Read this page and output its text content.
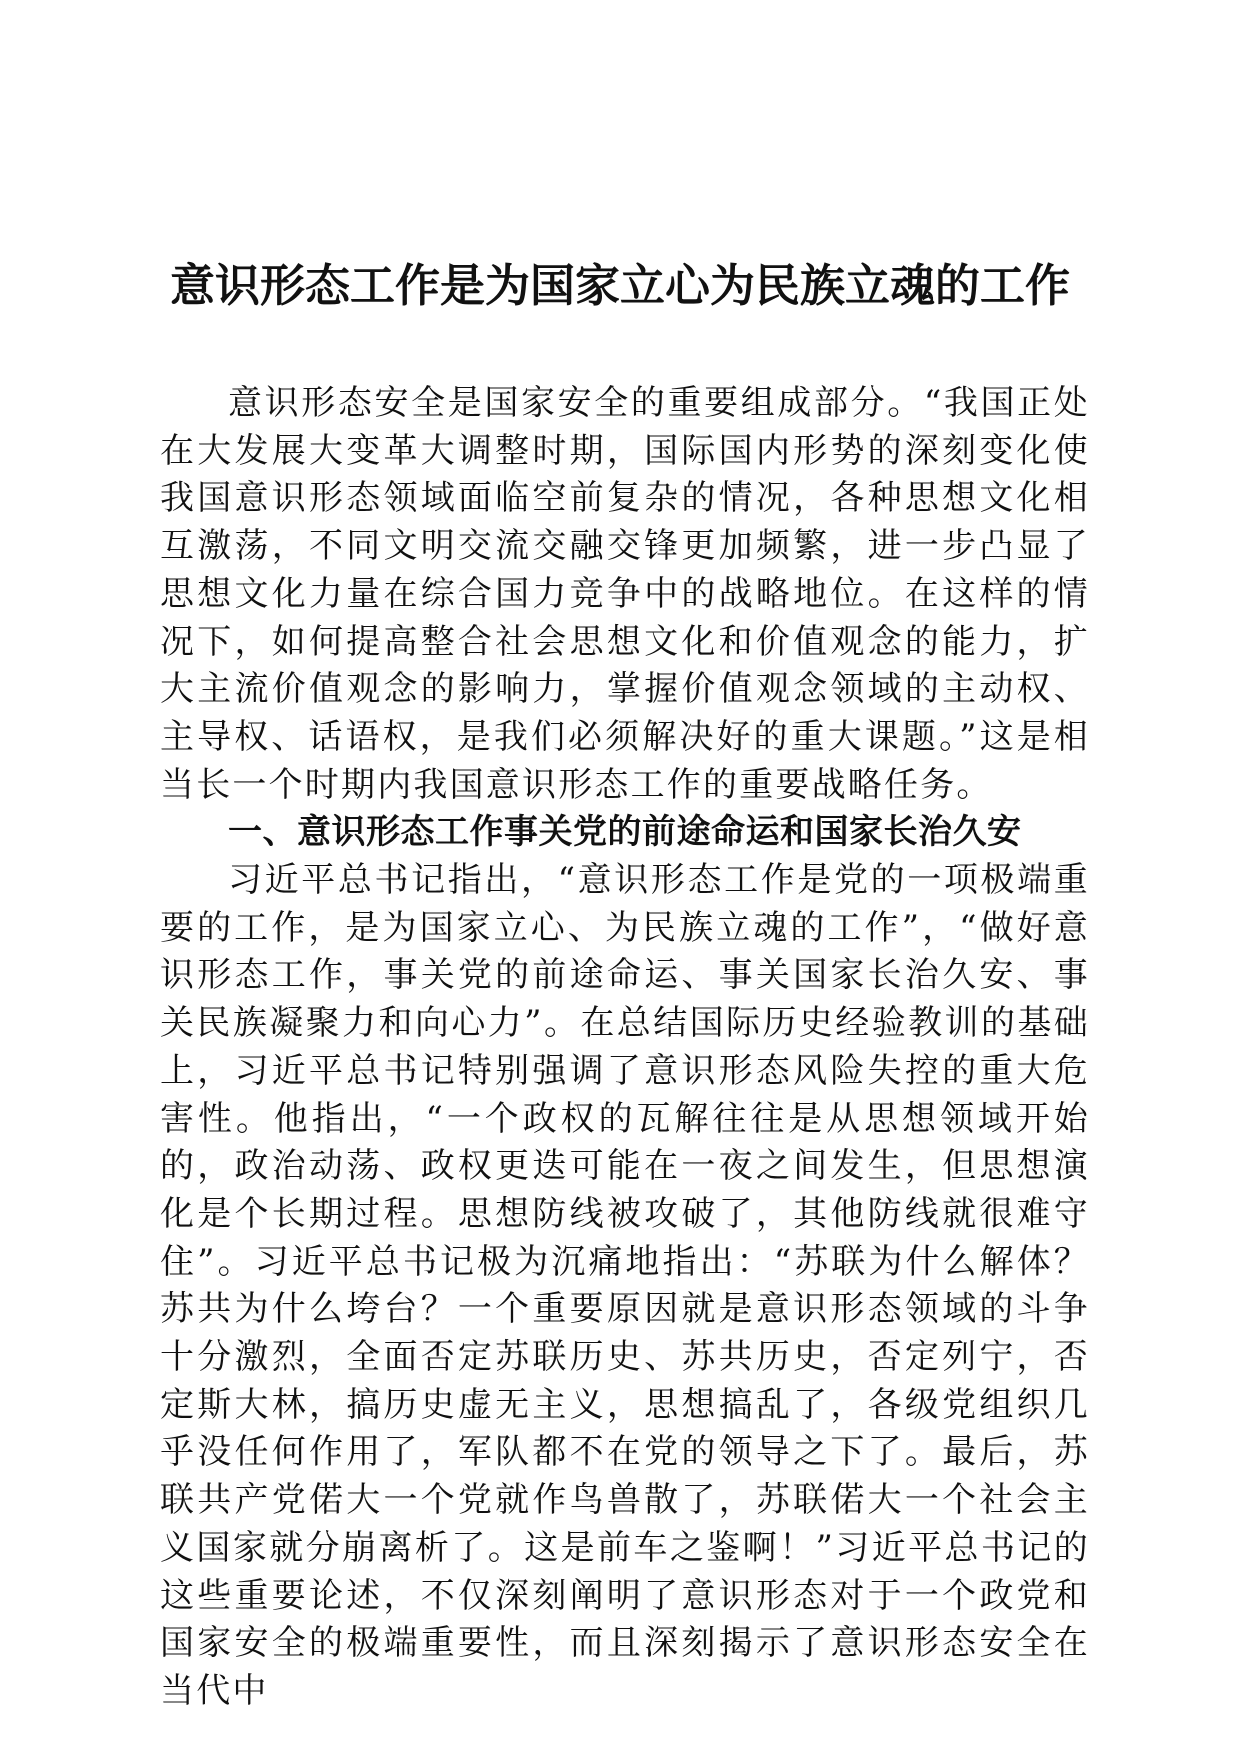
意识形态工作是为国家立心为民族立魂的工作

意识形态安全是国家安全的重要组成部分。“我国正处在大发展大变革大调整时期，国际国内形势的深刻变化使我国意识形态领域面临空前复杂的情况，各种思想文化相互激荡，不同文明交流交融交锋更加频繁，进一步凸显了思想文化力量在综合国力竞争中的战略地位。在这样的情况下，如何提高整合社会思想文化和价值观念的能力，扩大主流价值观念的影响力，掌握价值观念领域的主动权、主导权、话语权，是我们必须解决好的重大课题。”这是相当长一个时期内我国意识形态工作的重要战略任务。

一、意识形态工作事关党的前途命运和国家长治久安

习近平总书记指出，“意识形态工作是党的一项极端重要的工作，是为国家立心、为民族立魂的工作”，“做好意识形态工作，事关党的前途命运、事关国家长治久安、事关民族凝聚力和向心力”。在总结国际历史经验教训的基础上，习近平总书记特别强调了意识形态风险失控的重大危害性。他指出，“一个政权的瓦解往往是从思想领域开始的，政治动荡、政权更迭可能在一夜之间发生，但思想演化是个长期过程。思想防线被攻破了，其他防线就很难守住”。习近平总书记极为沉痛地指出：“苏联为什么解体？苏共为什么垮台？一个重要原因就是意识形态领域的斗争十分激烈，全面否定苏联历史、苏共历史，否定列宁，否定斯大林，搞历史虚无主义，思想搞乱了，各级党组织几乎没任何作用了，军队都不在党的领导之下了。最后，苏联共产党偌大一个党就作鸟兽散了，苏联偌大一个社会主义国家就分崩离析了。这是前车之鉴啊！”习近平总书记的这些重要论述，不仅深刻阐明了意识形态对于一个政党和国家安全的极端重要性，而且深刻揭示了意识形态安全在当代中
